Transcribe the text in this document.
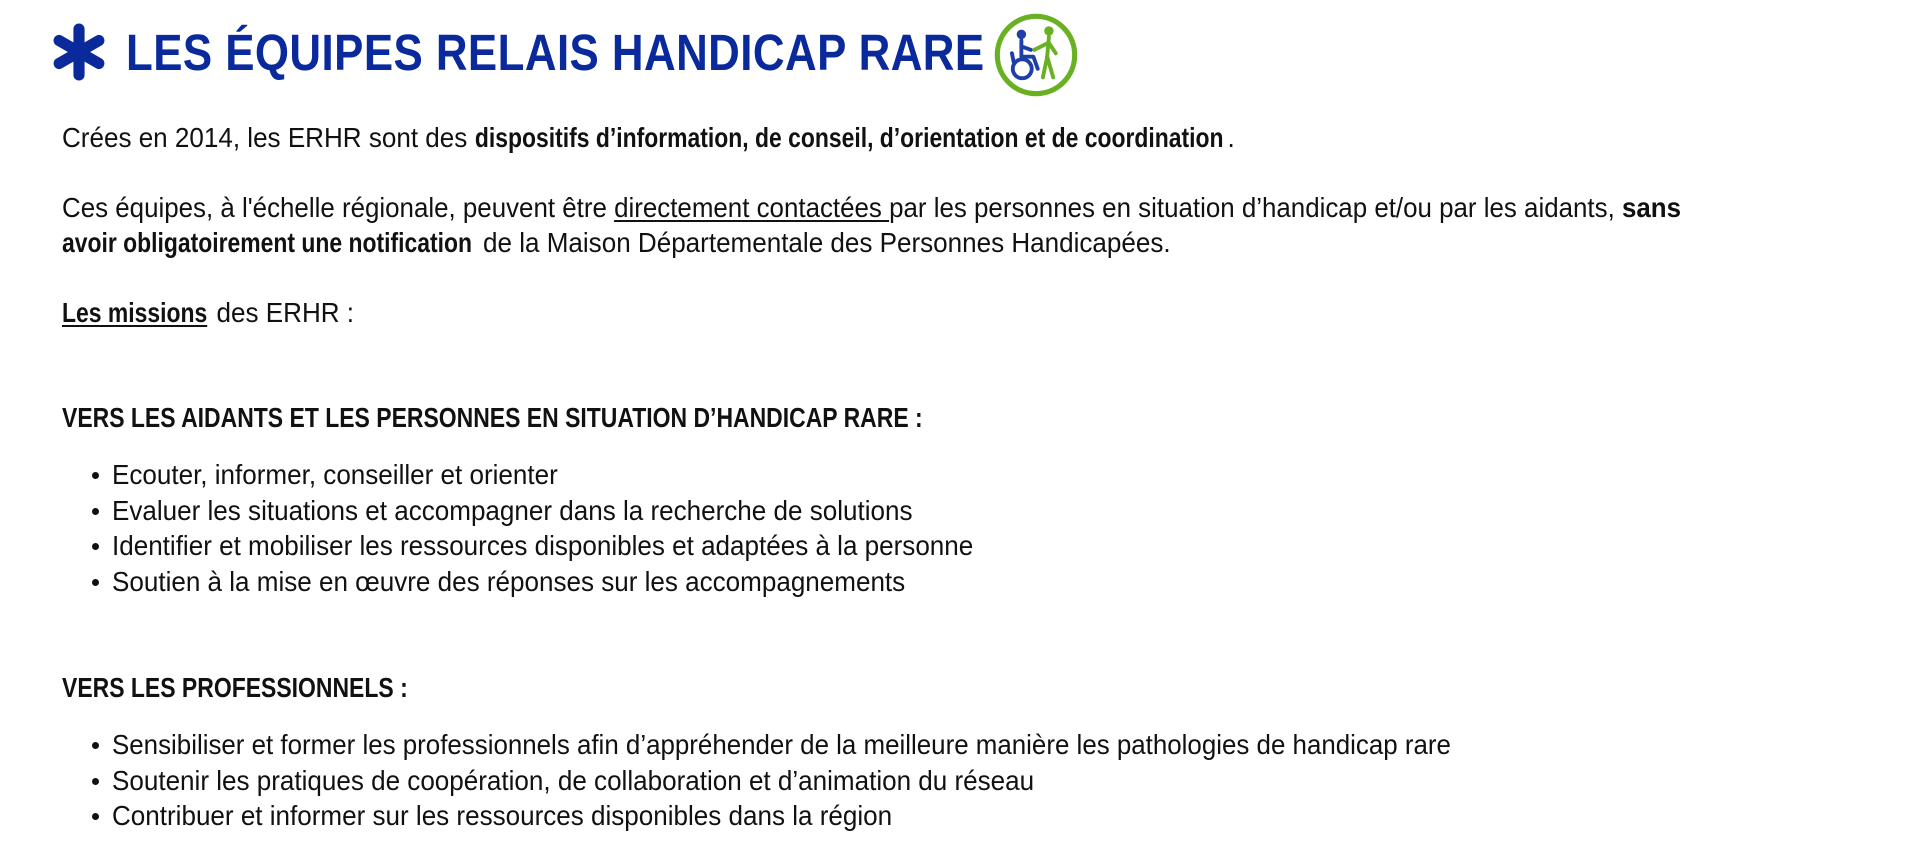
LES ÉQUIPES RELAIS HANDICAP RARE

Crées en 2014, les ERHR sont des dispositifs d’information, de conseil, d’orientation et de coordination .

Ces équipes, à l'échelle régionale, peuvent être directement contactées par les personnes en situation d’handicap et/ou par les aidants, sans

avoir obligatoirement une notification de la Maison Départementale des Personnes Handicapées.

Les missions des ERHR :

VERS LES AIDANTS ET LES PERSONNES EN SITUATION D’HANDICAP RARE :
Ecouter, informer, conseiller et orienter
Evaluer les situations et accompagner dans la recherche de solutions
Identifier et mobiliser les ressources disponibles et adaptées à la personne
Soutien à la mise en œuvre des réponses sur les accompagnements
VERS LES PROFESSIONNELS :
Sensibiliser et former les professionnels afin d’appréhender de la meilleure manière les pathologies de handicap rare
Soutenir les pratiques de coopération, de collaboration et d’animation du réseau
Contribuer et informer sur les ressources disponibles dans la région
